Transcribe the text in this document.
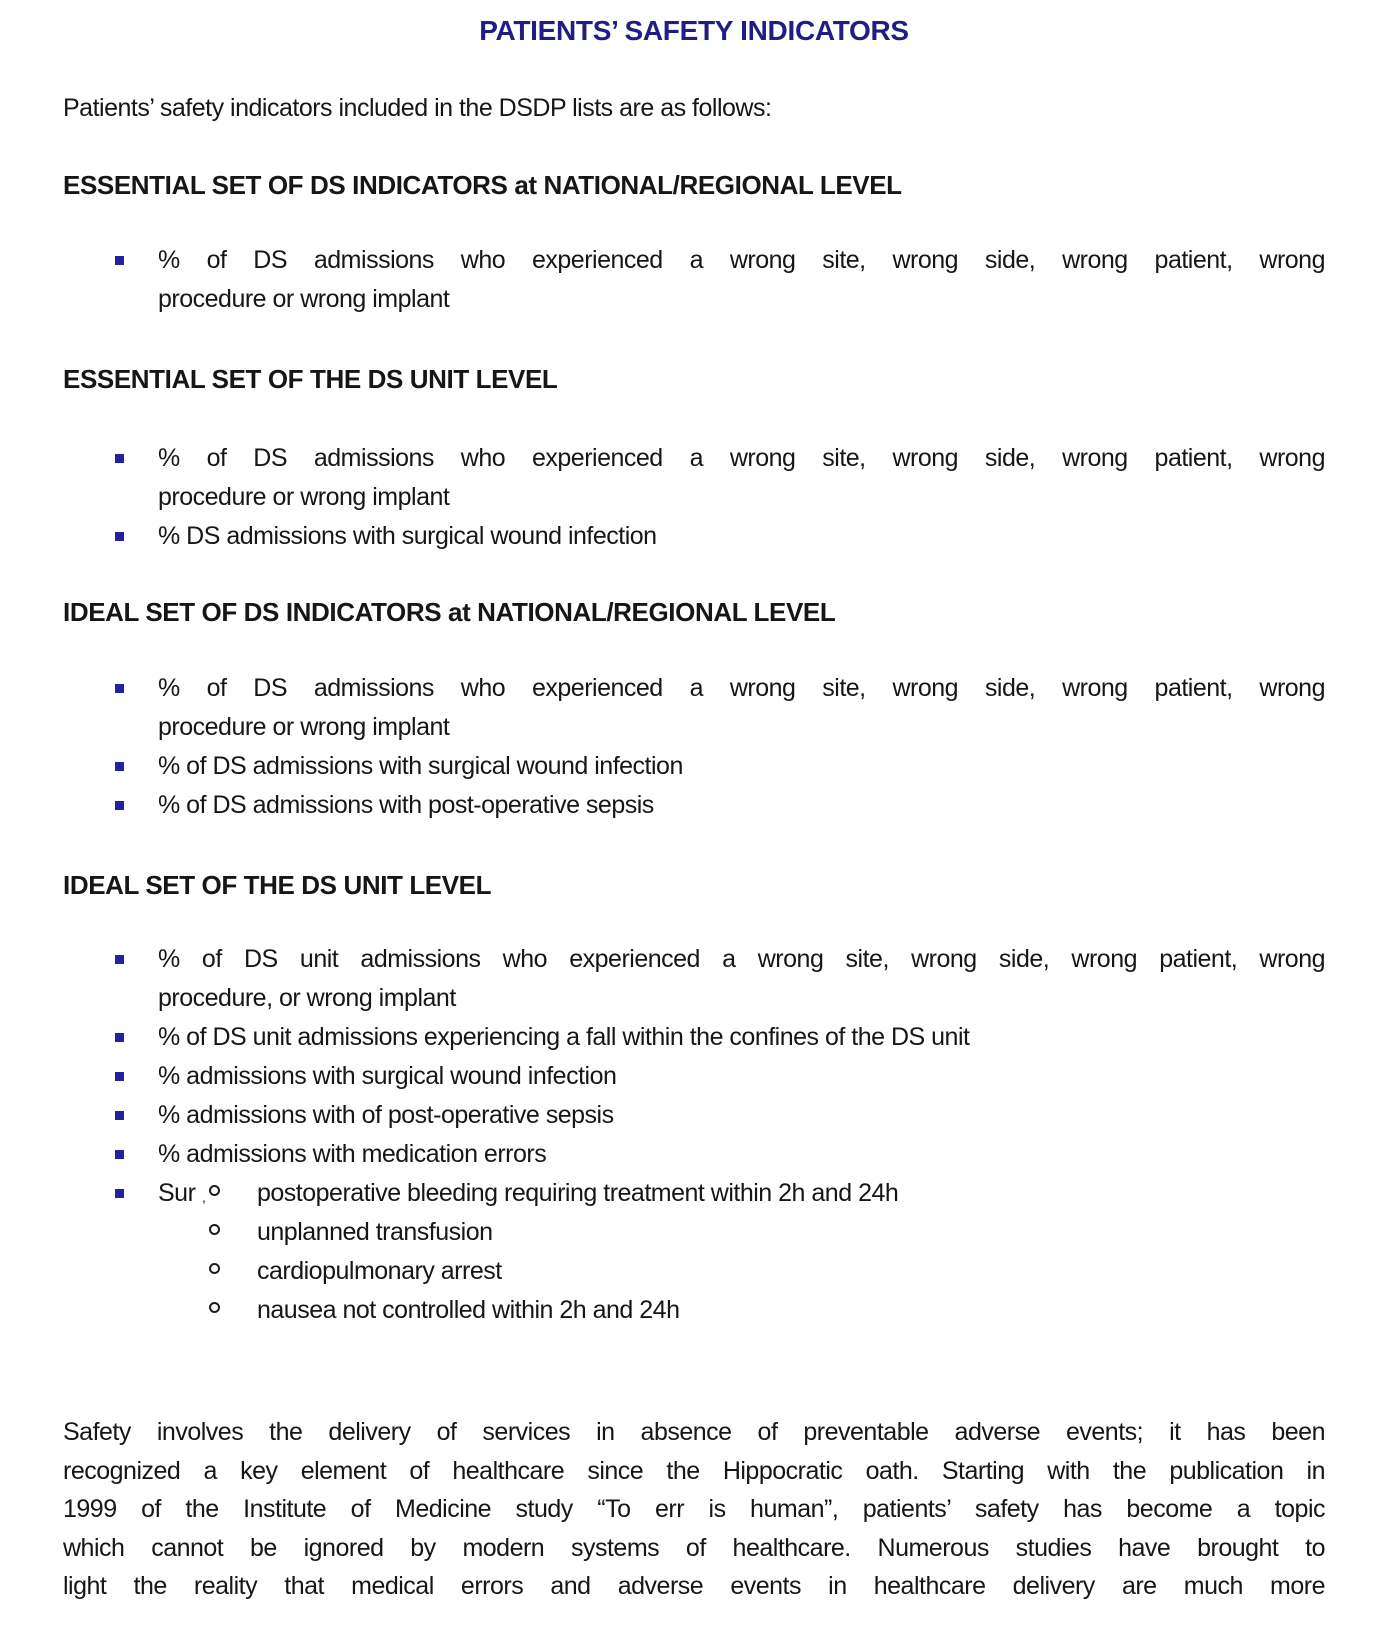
PATIENTS’ SAFETY INDICATORS

Patients’ safety indicators included in the DSDP lists are as follows:

ESSENTIAL SET OF DS INDICATORS at NATIONAL/REGIONAL LEVEL
% of DS admissions who experienced a wrong site, wrong side, wrong patient, wrong
procedure or wrong implant
ESSENTIAL SET OF THE DS UNIT LEVEL
% of DS admissions who experienced a wrong site, wrong side, wrong patient, wrong
procedure or wrong implant
% DS admissions with surgical wound infection
IDEAL SET OF DS INDICATORS at NATIONAL/REGIONAL LEVEL
% of DS admissions who experienced a wrong site, wrong side, wrong patient, wrong
procedure or wrong implant
% of DS admissions with surgical wound infection
% of DS admissions with post-operative sepsis
IDEAL SET OF THE DS UNIT LEVEL
% of DS unit admissions who experienced a wrong site, wrong side, wrong patient, wrong
procedure, or wrong implant
% of DS unit admissions experiencing a fall within the confines of the DS unit
% admissions with surgical wound infection
% admissions with of post-operative sepsis
% admissions with medication errors
Sur , postoperative bleeding requiring treatment within 2h and 24h
unplanned transfusion
cardiopulmonary arrest
nausea not controlled within 2h and 24h
Safety involves the delivery of services in absence of preventable adverse events; it has been
recognized a key element of healthcare since the Hippocratic oath. Starting with the publication in
1999 of the Institute of Medicine study “To err is human”, patients’ safety has become a topic
which cannot be ignored by modern systems of healthcare. Numerous studies have brought to
light the reality that medical errors and adverse events in healthcare delivery are much more
